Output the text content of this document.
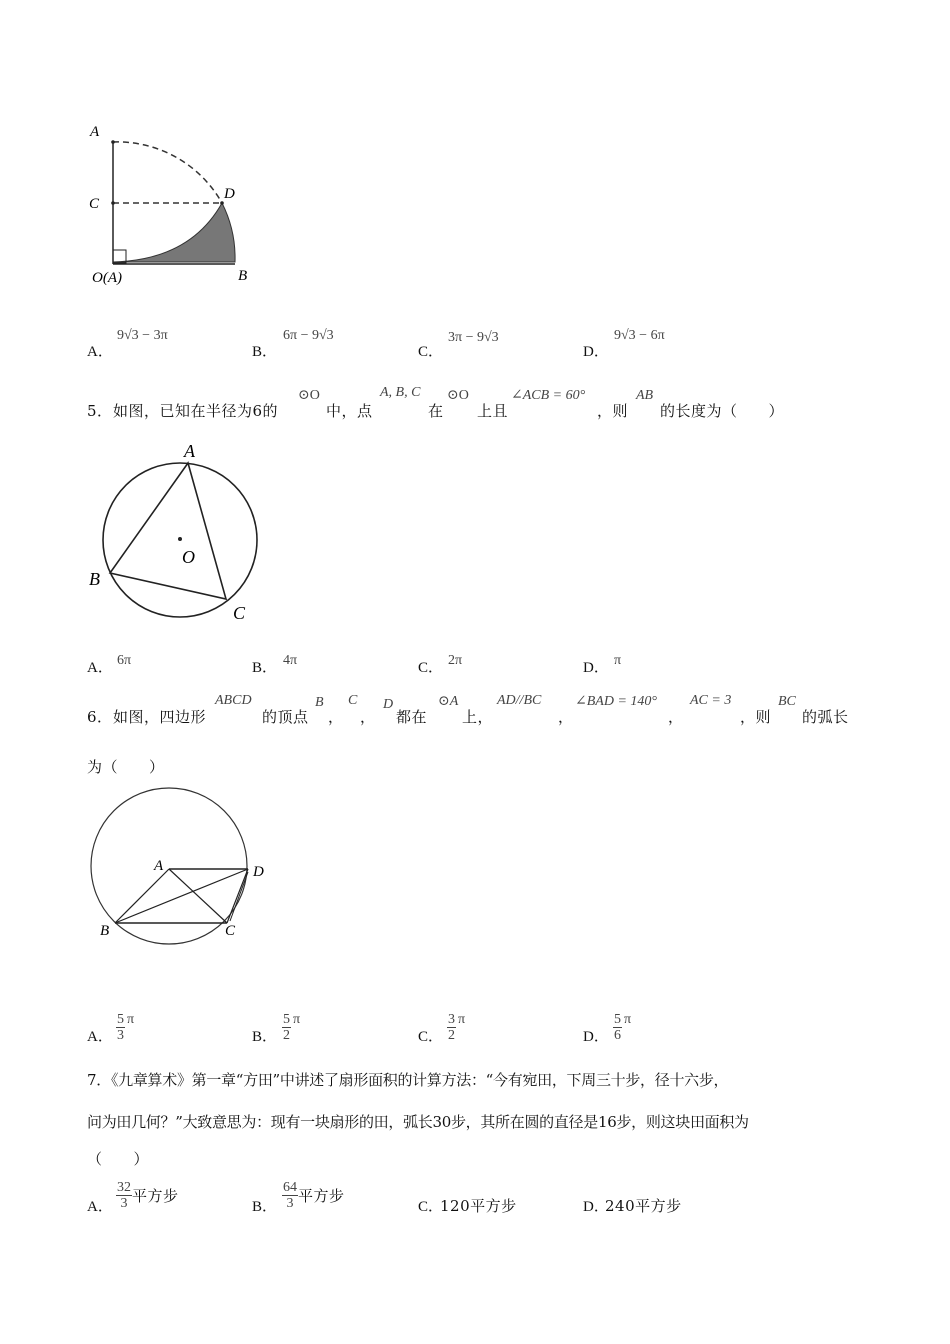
A
C
D
O(A)	B
A．
9√3 − 3π
B．
6π − 9√3
C．
3π − 9√3
D．
9√3 − 6π
5． 如图，已知在半径为6的
⊙O
中，点
A, B, C
在
⊙O
上且
∠ACB = 60°
，则
AB
的长度为（　　）
A
B
C
O
A． 6π	B． 4π	C． 2π	D． π
6． 如图，四边形
ABCD
的顶点
B
，
C
，
D
都在
⊙A
上，
AD//BC
，
∠BAD = 140°
，
AC = 3
，则
BC
的弧长
为（　　）
A
B	C
D
A． $\frac{5}{3}$ π
B． $\frac{5}{2}$ π
C． $\frac{3}{2}$ π
D． $\frac{5}{6}$ π
7．《九章算术》第一章“方田”中讲述了扇形面积的计算方法：“今有宛田，下周三十步，径十六步，
问为田几何？”大致意思为：现有一块扇形的田，弧长30步，其所在圆的直径是16步，则这块田面积为
（　　）
A． $\frac{32}{3}$ 平方步
B． $\frac{64}{3}$ 平方步
C．
120平方步	D．
240平方步
